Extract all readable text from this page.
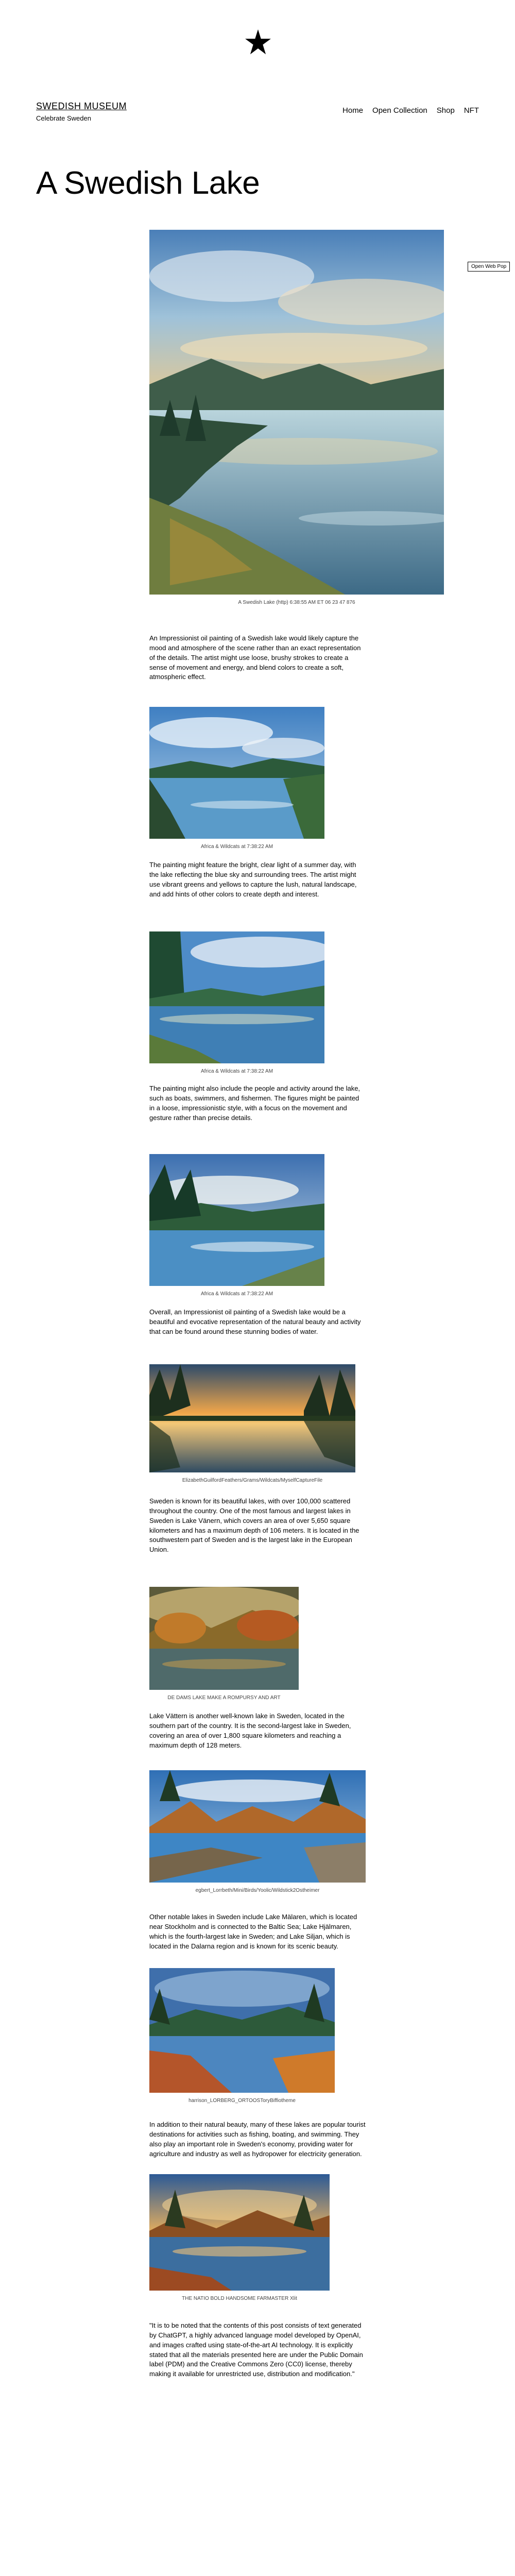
SWEDISH MUSEUM
Celebrate Sweden
Home Open Collection Shop NFT
A Swedish Lake
A Swedish Lake (http) 6:38:55 AM ET 06 23 47 876
Open Web Pop
An Impressionist oil painting of a Swedish lake would likely capture the mood and atmosphere of the scene rather than an exact representation of the details. The artist might use loose, brushy strokes to create a sense of movement and energy, and blend colors to create a soft, atmospheric effect.
Africa & Wildcats at 7:38:22 AM
The painting might feature the bright, clear light of a summer day, with the lake reflecting the blue sky and surrounding trees. The artist might use vibrant greens and yellows to capture the lush, natural landscape, and add hints of other colors to create depth and interest.
Africa & Wildcats at 7:38:22 AM
The painting might also include the people and activity around the lake, such as boats, swimmers, and fishermen. The figures might be painted in a loose, impressionistic style, with a focus on the movement and gesture rather than precise details.
Africa & Wildcats at 7:38:22 AM
Overall, an Impressionist oil painting of a Swedish lake would be a beautiful and evocative representation of the natural beauty and activity that can be found around these stunning bodies of water.
ElizabethGuilfordFeathers/Grams/Wildcats/MyselfCaptureFile
Sweden is known for its beautiful lakes, with over 100,000 scattered throughout the country. One of the most famous and largest lakes in Sweden is Lake Vänern, which covers an area of over 5,650 square kilometers and has a maximum depth of 106 meters. It is located in the southwestern part of Sweden and is the largest lake in the European Union.
DE DAMS LAKE MAKE A ROMPURSY AND ART
Lake Vättern is another well-known lake in Sweden, located in the southern part of the country. It is the second-largest lake in Sweden, covering an area of over 1,800 square kilometers and reaching a maximum depth of 128 meters.
egbert_Lorrbeth/Mini/Birds/Yoolic/Wildstick2Ostheimer
Other notable lakes in Sweden include Lake Mälaren, which is located near Stockholm and is connected to the Baltic Sea; Lake Hjälmaren, which is the fourth-largest lake in Sweden; and Lake Siljan, which is located in the Dalarna region and is known for its scenic beauty.
harrison_LORBERG_ORTOOSToryBiffiotheme
In addition to their natural beauty, many of these lakes are popular tourist destinations for activities such as fishing, boating, and swimming. They also play an important role in Sweden's economy, providing water for agriculture and industry as well as hydropower for electricity generation.
THE NATIO BOLD HANDSOME FARMASTER Xlit
"It is to be noted that the contents of this post consists of text generated by ChatGPT, a highly advanced language model developed by OpenAI, and images crafted using state-of-the-art AI technology. It is explicitly stated that all the materials presented here are under the Public Domain label (PDM) and the Creative Commons Zero (CC0) license, thereby making it available for unrestricted use, distribution and modification."
